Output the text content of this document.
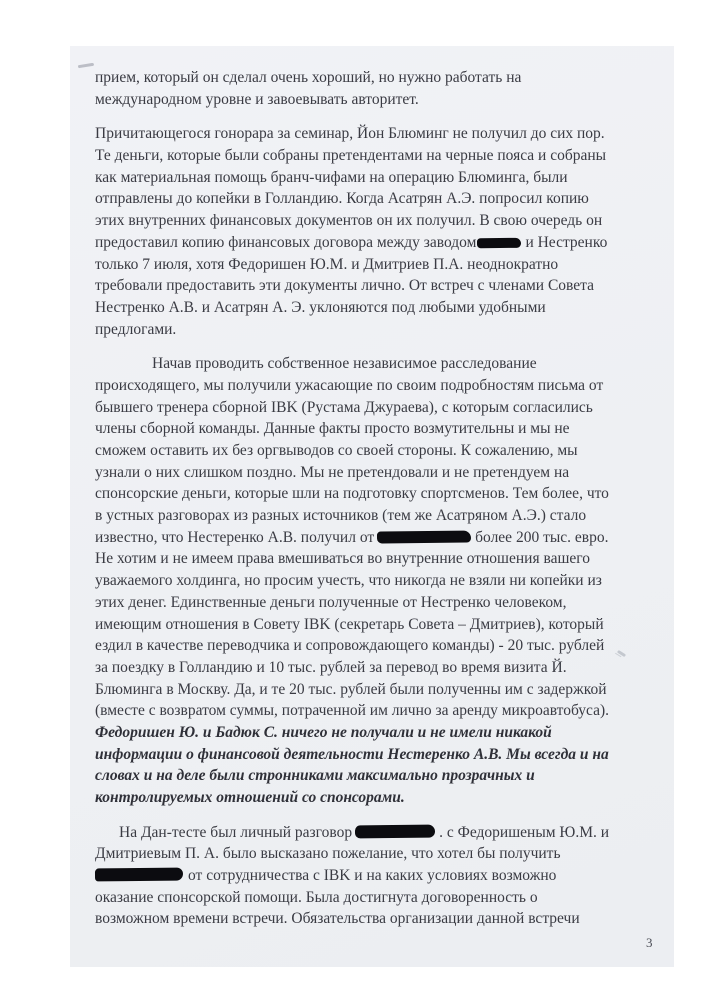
прием, который он сделал очень хороший, но нужно работать на
международном уровне и завоевывать авторитет.
Причитающегося гонорара за семинар, Йон Блюминг не получил до сих пор.
Те деньги, которые были собраны претендентами на черные пояса и собраны
как материальная помощь бранч-чифами на операцию Блюминга, были
отправлены до копейки в Голландию. Когда Асатрян А.Э. попросил копию
этих внутренних финансовых документов он их получил. В свою очередь он
предоставил копию финансовых договора между заводом	и Нестренко
только 7 июля, хотя Федоришен Ю.М. и Дмитриев П.А. неоднократно
требовали предоставить эти документы лично. От встреч с членами Совета
Нестренко А.В. и Асатрян А. Э. уклоняются под любыми удобными
предлогами.
Начав проводить собственное независимое расследование
происходящего, мы получили ужасающие по своим подробностям письма от
бывшего тренера сборной IBK (Рустама Джураева), с которым согласились
члены сборной команды. Данные факты просто возмутительны и мы не
сможем оставить их без оргвыводов со своей стороны. К сожалению, мы
узнали о них слишком поздно. Мы не претендовали и не претендуем на
спонсорские деньги, которые шли на подготовку спортсменов. Тем более, что
в устных разговорах из разных источников (тем же Асатряном А.Э.) стало
известно, что Нестеренко А.В. получил от	более 200 тыс. евро.
Не хотим и не имеем права вмешиваться во внутренние отношения вашего
уважаемого холдинга, но просим учесть, что никогда не взяли ни копейки из
этих денег. Единственные деньги полученные от Нестренко человеком,
имеющим отношения в Совету IBK (секретарь Совета – Дмитриев), который
ездил в качестве переводчика и сопровождающего команды) - 20 тыс. рублей
за поездку в Голландию и 10 тыс. рублей за перевод во время визита Й.
Блюминга в Москву. Да, и те 20 тыс. рублей были полученны им с задержкой
(вместе с возвратом суммы, потраченной им лично за аренду микроавтобуса).
Федоришен Ю. и Бадюк С. ничего не получали и не имели никакой
информации о финансовой деятельности Нестеренко А.В. Мы всегда и на
словах и на деле были стронниками максимально прозрачных и
контролируемых отношений со спонсорами.
На Дан-тесте был личный разговор	. с Федоришеным Ю.М. и
Дмитриевым П. А. было высказано пожелание, что хотел бы получить
от сотрудничества с IBK и на каких условиях возможно
оказание спонсорской помощи. Была достигнута договоренность о
возможном времени встречи. Обязательства организации данной встречи
3
